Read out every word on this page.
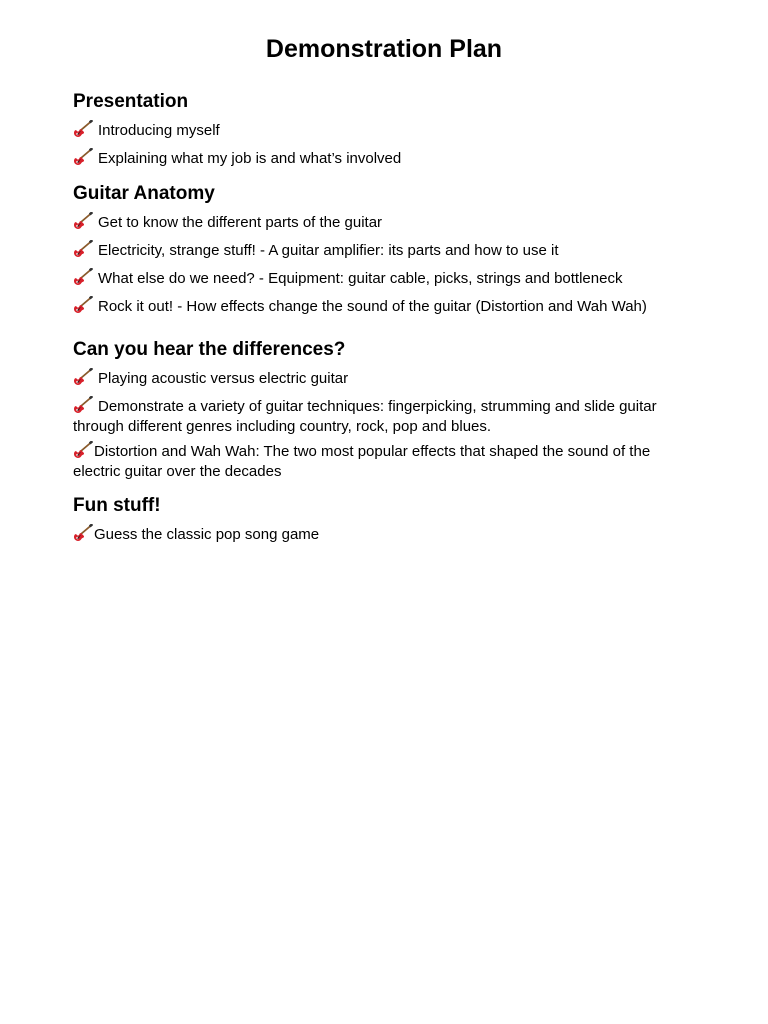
Demonstration Plan
Presentation

Introducing myself

Explaining what my job is and what’s involved

Guitar Anatomy

Get to know the different parts of the guitar

Electricity, strange stuff! - A guitar amplifier: its parts and how to use it

What else do we need? - Equipment: guitar cable, picks, strings and bottleneck

Rock it out! - How effects change the sound of the guitar (Distortion and Wah Wah)

Can you hear the differences?

Playing acoustic versus electric guitar

Demonstrate a variety of guitar techniques: fingerpicking, strumming and slide guitar through different genres including country, rock, pop and blues.

Distortion and Wah Wah: The two most popular effects that shaped the sound of the electric guitar over the decades

Fun stuff!

Guess the classic pop song game
